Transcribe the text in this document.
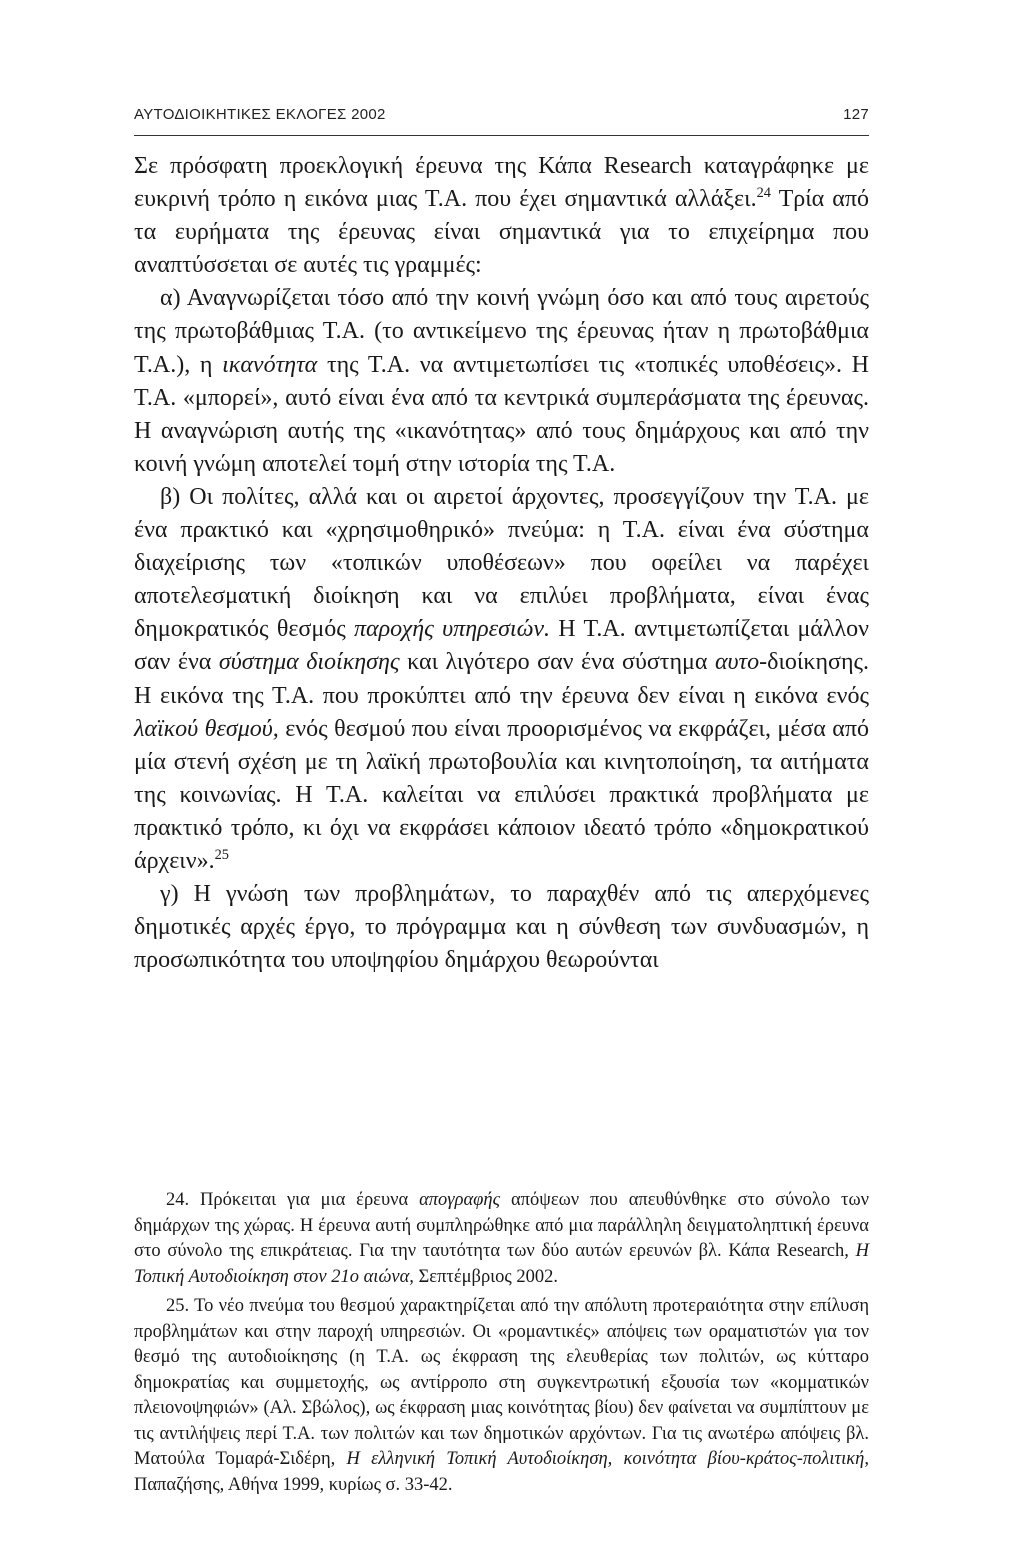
ΑΥΤΟΔΙΟΙΚΗΤΙΚΕΣ ΕΚΛΟΓΕΣ 2002	127

Σε πρόσφατη προεκλογική έρευνα της Κάπα Research καταγράφηκε με ευκρινή τρόπο η εικόνα μιας Τ.Α. που έχει σημαντικά αλλάξει.$^{24}$ Τρία από τα ευρήματα της έρευνας είναι σημαντικά για το επιχείρημα που αναπτύσσεται σε αυτές τις γραμμές:

α) Αναγνωρίζεται τόσο από την κοινή γνώμη όσο και από τους αιρετούς της πρωτοβάθμιας Τ.Α. (το αντικείμενο της έρευνας ήταν η πρωτοβάθμια Τ.Α.), η ικανότητα της Τ.Α. να αντιμετωπίσει τις «τοπικές υποθέσεις». Η Τ.Α. «μπορεί», αυτό είναι ένα από τα κεντρικά συμπεράσματα της έρευνας. Η αναγνώριση αυτής της «ικανότητας» από τους δημάρχους και από την κοινή γνώμη αποτελεί τομή στην ιστορία της Τ.Α.

β) Οι πολίτες, αλλά και οι αιρετοί άρχοντες, προσεγγίζουν την Τ.Α. με ένα πρακτικό και «χρησιμοθηρικό» πνεύμα: η Τ.Α. είναι ένα σύστημα διαχείρισης των «τοπικών υποθέσεων» που οφείλει να παρέχει αποτελεσματική διοίκηση και να επιλύει προβλήματα, είναι ένας δημοκρατικός θεσμός παροχής υπηρεσιών. Η Τ.Α. αντιμετωπίζεται μάλλον σαν ένα σύστημα διοίκησης και λιγότερο σαν ένα σύστημα αυτο-διοίκησης. Η εικόνα της Τ.Α. που προκύπτει από την έρευνα δεν είναι η εικόνα ενός λαϊκού θεσμού, ενός θεσμού που είναι προορισμένος να εκφράζει, μέσα από μία στενή σχέση με τη λαϊκή πρωτοβουλία και κινητοποίηση, τα αιτήματα της κοινωνίας. Η Τ.Α. καλείται να επιλύσει πρακτικά προβλήματα με πρακτικό τρόπο, κι όχι να εκφράσει κάποιον ιδεατό τρόπο «δημοκρατικού άρχειν».$^{25}$

γ) Η γνώση των προβλημάτων, το παραχθέν από τις απερχόμενες δημοτικές αρχές έργο, το πρόγραμμα και η σύνθεση των συνδυασμών, η προσωπικότητα του υποψηφίου δημάρχου θεωρούνται

24. Πρόκειται για μια έρευνα απογραφής απόψεων που απευθύνθηκε στο σύνολο των δημάρχων της χώρας. Η έρευνα αυτή συμπληρώθηκε από μια παράλληλη δειγματοληπτική έρευνα στο σύνολο της επικράτειας. Για την ταυτότητα των δύο αυτών ερευνών βλ. Κάπα Research, Η Τοπική Αυτοδιοίκηση στον 21ο αιώνα, Σεπτέμβριος 2002.

25. Το νέο πνεύμα του θεσμού χαρακτηρίζεται από την απόλυτη προτεραιότητα στην επίλυση προβλημάτων και στην παροχή υπηρεσιών. Οι «ρομαντικές» απόψεις των οραματιστών για τον θεσμό της αυτοδιοίκησης (η Τ.Α. ως έκφραση της ελευθερίας των πολιτών, ως κύτταρο δημοκρατίας και συμμετοχής, ως αντίρροπο στη συγκεντρωτική εξουσία των «κομματικών πλειονοψηφιών» (Αλ. Σβώλος), ως έκφραση μιας κοινότητας βίου) δεν φαίνεται να συμπίπτουν με τις αντιλήψεις περί Τ.Α. των πολιτών και των δημοτικών αρχόντων. Για τις ανωτέρω απόψεις βλ. Ματούλα Τομαρά-Σιδέρη, Η ελληνική Τοπική Αυτοδιοίκηση, κοινότητα βίου-κράτος-πολιτική, Παπαζήσης, Αθήνα 1999, κυρίως σ. 33-42.
